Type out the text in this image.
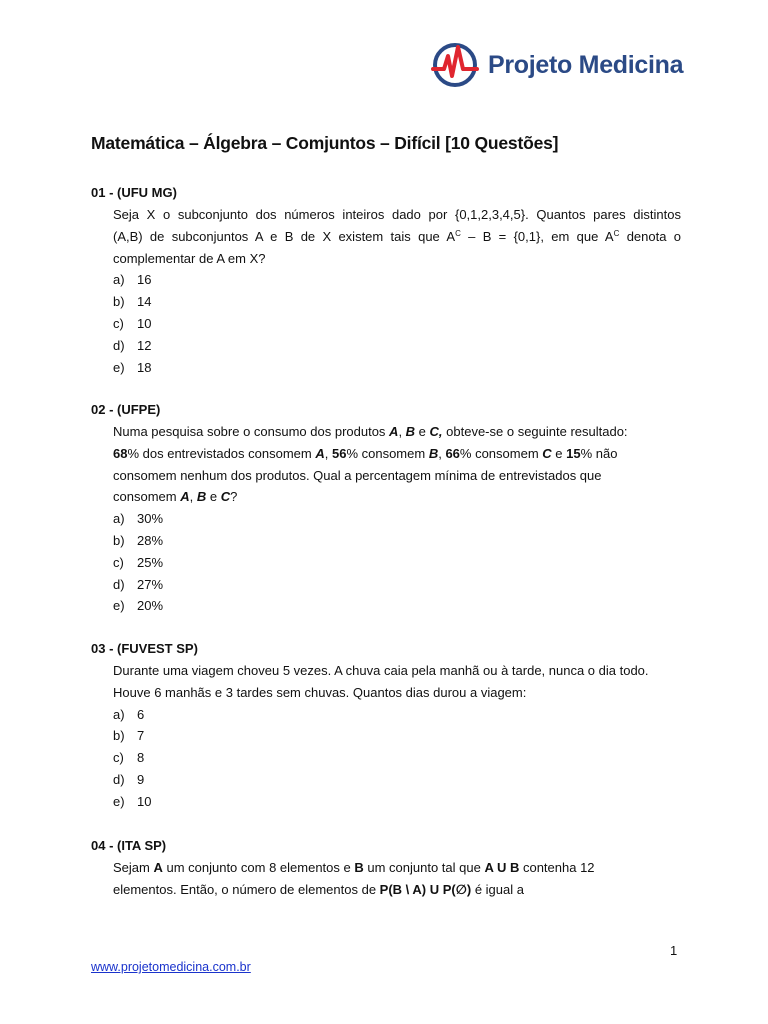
Projeto Medicina
Matemática – Álgebra – Comjuntos – Difícil [10 Questões]
01 - (UFU MG)
Seja X o subconjunto dos números inteiros dado por {0,1,2,3,4,5}. Quantos pares distintos
(A,B) de subconjuntos A e B de X existem tais que $A^C - B = \{0,1\}$, em que $A^C$ denota o
complementar de A em X?
a) 16
b) 14
c) 10
d) 12
e) 18
02 - (UFPE)
Numa pesquisa sobre o consumo dos produtos A, B e C, obteve-se o seguinte resultado:
68% dos entrevistados consomem A, 56% consomem B, 66% consomem C e 15% não
consomem nenhum dos produtos. Qual a percentagem mínima de entrevistados que
consomem A, B e C?
a) 30%
b) 28%
c) 25%
d) 27%
e) 20%
03 - (FUVEST SP)
Durante uma viagem choveu 5 vezes. A chuva caia pela manhã ou à tarde, nunca o dia todo.
Houve 6 manhãs e 3 tardes sem chuvas. Quantos dias durou a viagem:
a) 6
b) 7
c) 8
d) 9
e) 10
04 - (ITA SP)
Sejam A um conjunto com 8 elementos e B um conjunto tal que A U B contenha 12
elementos. Então, o número de elementos de P(B \ A) U P(∅) é igual a
1
www.projetomedicina.com.br
